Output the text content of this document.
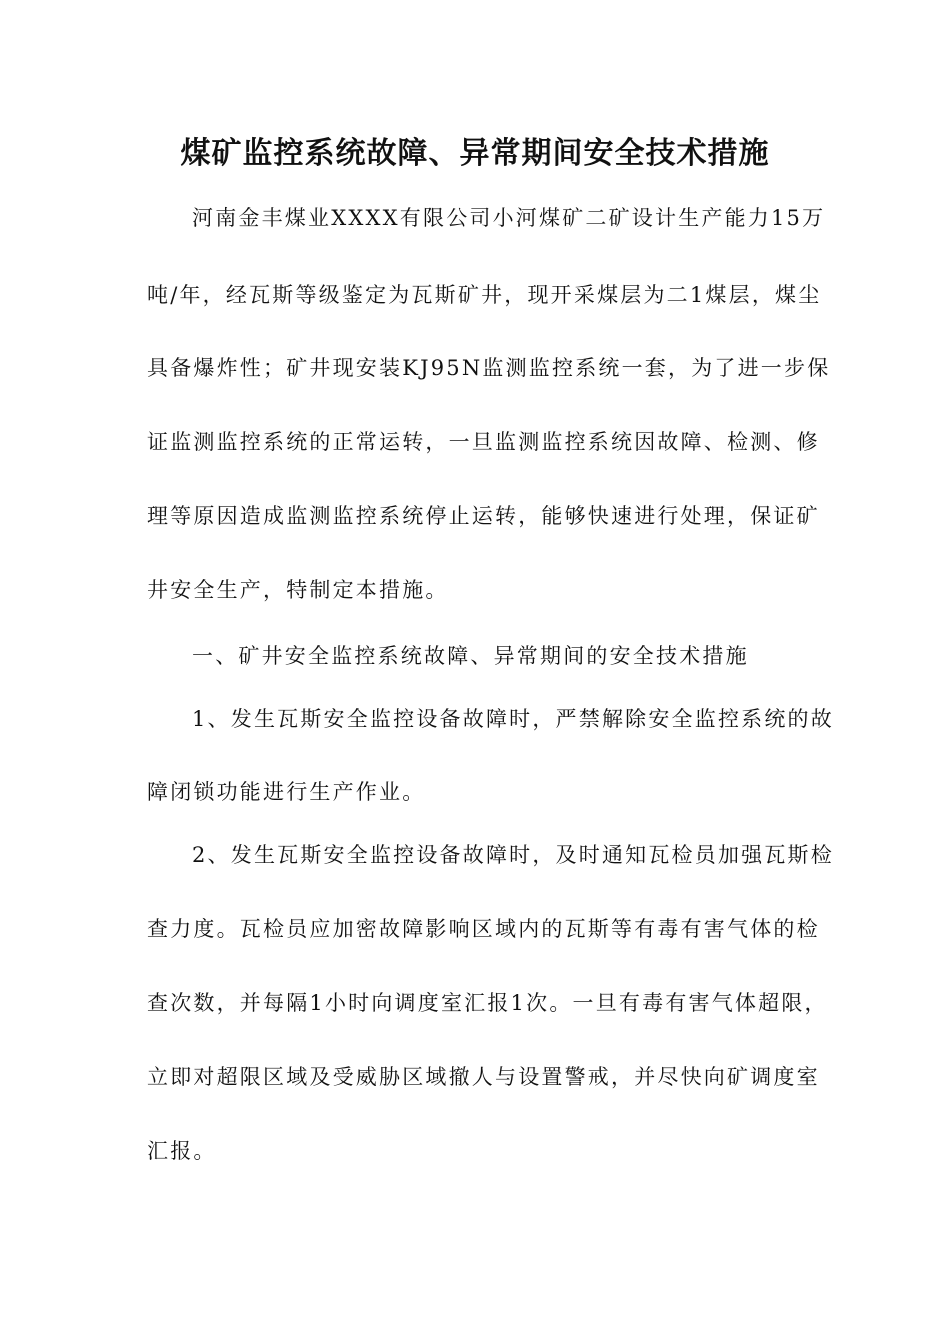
煤矿监控系统故障、异常期间安全技术措施
河南金丰煤业XXXX有限公司小河煤矿二矿设计生产能力15万
吨/年，经瓦斯等级鉴定为瓦斯矿井，现开采煤层为二1煤层，煤尘
具备爆炸性；矿井现安装KJ95N监测监控系统一套，为了进一步保
证监测监控系统的正常运转，一旦监测监控系统因故障、检测、修
理等原因造成监测监控系统停止运转，能够快速进行处理，保证矿
井安全生产，特制定本措施。
一、矿井安全监控系统故障、异常期间的安全技术措施
1、发生瓦斯安全监控设备故障时，严禁解除安全监控系统的故
障闭锁功能进行生产作业。
2、发生瓦斯安全监控设备故障时，及时通知瓦检员加强瓦斯检
查力度。瓦检员应加密故障影响区域内的瓦斯等有毒有害气体的检
查次数，并每隔1小时向调度室汇报1次。一旦有毒有害气体超限，
立即对超限区域及受威胁区域撤人与设置警戒，并尽快向矿调度室
汇报。
